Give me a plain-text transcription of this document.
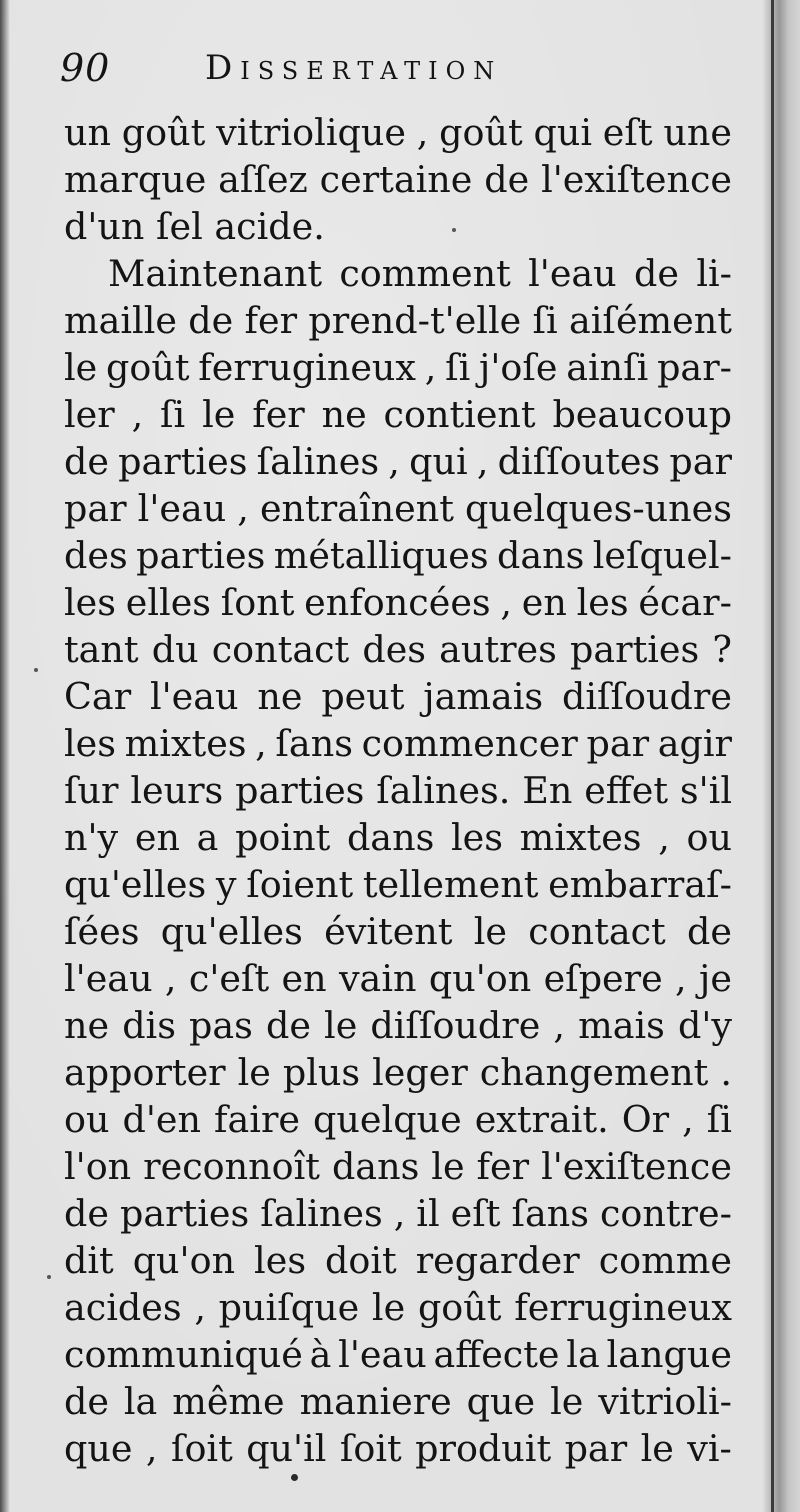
90	Dissertation
un goût vitriolique , goût qui eſt une
marque aſſez certaine de l'exiſtence
d'un ſel acide.
Maintenant comment l'eau de li-
maille de fer prend-t'elle ſi aiſément
le goût ferrugineux , ſi j'oſe ainſi par-
ler , ſi le fer ne contient beaucoup
de parties ſalines , qui , diſſoutes par
par l'eau , entraînent quelques-unes
des parties métalliques dans leſquel-
les elles ſont enfoncées , en les écar-
tant du contact des autres parties ?
Car l'eau ne peut jamais diſſoudre
les mixtes , ſans commencer par agir
ſur leurs parties ſalines. En effet s'il
n'y en a point dans les mixtes , ou
qu'elles y ſoient tellement embarraſ-
ſées qu'elles évitent le contact de
l'eau , c'eſt en vain qu'on eſpere , je
ne dis pas de le diſſoudre , mais d'y
apporter le plus leger changement .
ou d'en faire quelque extrait. Or , ſi
l'on reconnoît dans le fer l'exiſtence
de parties ſalines , il eſt ſans contre-
dit qu'on les doit regarder comme
acides , puiſque le goût ferrugineux
communiqué à l'eau affecte la langue
de la même maniere que le vitrioli-
que , ſoit qu'il ſoit produit par le vi-
